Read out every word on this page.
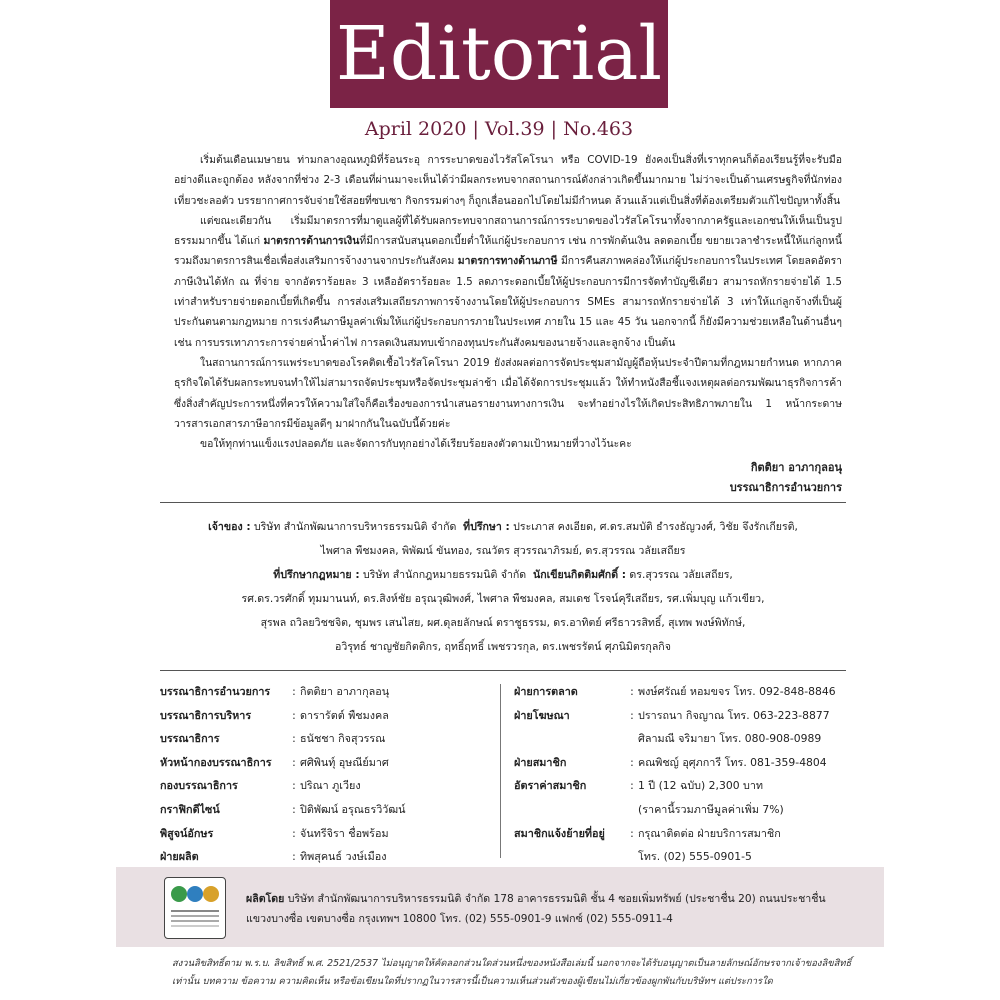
Editorial
April 2020 | Vol.39 | No.463

เริ่มต้นเดือนเมษายน ท่ามกลางอุณหภูมิที่ร้อนระอุ การระบาดของไวรัสโคโรนา หรือ COVID-19 ยังคงเป็นสิ่งที่เราทุกคนก็ต้องเรียนรู้ที่จะรับมืออย่างดีและถูกต้อง หลังจากที่ช่วง 2-3 เดือนที่ผ่านมาจะเห็นได้ว่ามีผลกระทบจากสถานการณ์ดังกล่าวเกิดขึ้นมากมาย ไม่ว่าจะเป็นด้านเศรษฐกิจที่นักท่องเที่ยวชะลอตัว บรรยากาศการจับจ่ายใช้สอยที่ซบเซา กิจกรรมต่างๆ ก็ถูกเลื่อนออกไปโดยไม่มีกำหนด ล้วนแล้วแต่เป็นสิ่งที่ต้องเตรียมตัวแก้ไขปัญหาทั้งสิ้น

แต่ขณะเดียวกัน เริ่มมีมาตรการที่มาดูแลผู้ที่ได้รับผลกระทบจากสถานการณ์การระบาดของไวรัสโคโรนาทั้งจากภาครัฐและเอกชนให้เห็นเป็นรูปธรรมมากขึ้น ได้แก่ มาตรการด้านการเงินที่มีการสนับสนุนดอกเบี้ยต่ำให้แก่ผู้ประกอบการ เช่น การพักต้นเงิน ลดดอกเบี้ย ขยายเวลาชำระหนี้ให้แก่ลูกหนี้ รวมถึงมาตรการสินเชื่อเพื่อส่งเสริมการจ้างงานจากประกันสังคม มาตรการทางด้านภาษี มีการคืนสภาพคล่องให้แก่ผู้ประกอบการในประเทศ โดยลดอัตราภาษีเงินได้หัก ณ ที่จ่าย จากอัตราร้อยละ 3 เหลืออัตราร้อยละ 1.5 ลดภาระดอกเบี้ยให้ผู้ประกอบการมีการจัดทำบัญชีเดียว สามารถหักรายจ่ายได้ 1.5 เท่าสำหรับรายจ่ายดอกเบี้ยที่เกิดขึ้น การส่งเสริมเสถียรภาพการจ้างงานโดยให้ผู้ประกอบการ SMEs สามารถหักรายจ่ายได้ 3 เท่าให้แก่ลูกจ้างที่เป็นผู้ประกันตนตามกฎหมาย การเร่งคืนภาษีมูลค่าเพิ่มให้แก่ผู้ประกอบการภายในประเทศ ภายใน 15 และ 45 วัน นอกจากนี้ ก็ยังมีความช่วยเหลือในด้านอื่นๆ เช่น การบรรเทาภาระการจ่ายค่าน้ำค่าไฟ การลดเงินสมทบเข้ากองทุนประกันสังคมของนายจ้างและลูกจ้าง เป็นต้น

ในสถานการณ์การแพร่ระบาดของโรคติดเชื้อไวรัสโคโรนา 2019 ยังส่งผลต่อการจัดประชุมสามัญผู้ถือหุ้นประจำปีตามที่กฎหมายกำหนด หากภาคธุรกิจใดได้รับผลกระทบจนทำให้ไม่สามารถจัดประชุมหรือจัดประชุมล่าช้า เมื่อได้จัดการประชุมแล้ว ให้ทำหนังสือชี้แจงเหตุผลต่อกรมพัฒนาธุรกิจการค้า ซึ่งสิ่งสำคัญประการหนึ่งที่ควรให้ความใส่ใจก็คือเรื่องของการนำเสนอรายงานทางการเงิน จะทำอย่างไรให้เกิดประสิทธิภาพภายใน 1 หน้ากระดาษ วารสารเอกสารภาษีอากรมีข้อมูลดีๆ มาฝากกันในฉบับนี้ด้วยค่ะ

ขอให้ทุกท่านแข็งแรงปลอดภัย และจัดการกับทุกอย่างได้เรียบร้อยลงตัวตามเป้าหมายที่วางไว้นะคะ

กิตติยา อาภากุลอนุ
บรรณาธิการอำนวยการ
เจ้าของ : บริษัท สำนักพัฒนาการบริหารธรรมนิติ จำกัด ที่ปรึกษา : ประเภาส คงเอียด, ศ.ดร.สมบัติ ธำรงธัญวงศ์, วิชัย จึงรักเกียรติ,
ไพศาล พืชมงคล, พิพัฒน์ ขันทอง, รณวัตร สุวรรณาภิรมย์, ดร.สุวรรณ วลัยเสถียร
ที่ปรึกษากฎหมาย : บริษัท สำนักกฎหมายธรรมนิติ จำกัด นักเขียนกิตติมศักดิ์ : ดร.สุวรรณ วลัยเสถียร,
รศ.ดร.วรศักดิ์ ทุมมานนท์, ดร.สิงห์ชัย อรุณวุฒิพงศ์, ไพศาล พืชมงคล, สมเดช โรจน์คุรีเสถียร, รศ.เพิ่มบุญ แก้วเขียว,
สุรพล ถวิลยวิชชจิต, ชุมพร เสนไสย, ผศ.ดุลยลักษณ์ ตราชูธรรม, ดร.อาทิตย์ ศรีธาวรสิทธิ์, สุเทพ พงษ์พิทักษ์,
อวิรุทธ์ ชาญชัยกิตติกร, ฤทธิ์ฤทธิ์ เพชรวรกุล, ดร.เพชรรัตน์ ศุภนิมิตรกุลกิจ
บรรณาธิการอำนวยการ	: กิตติยา อาภากุลอนุ
บรรณาธิการบริหาร	: ดารารัตต์ พืชมงคล
บรรณาธิการ	: ธนัชชา กิจสุวรรณ
หัวหน้ากองบรรณาธิการ	: ศศิพินทุ์ อุษณีย์มาศ
กองบรรณาธิการ	: ปริณา ภูเวียง
กราฟิกดีไซน์	: ปิติพัฒน์ อรุณธรวิวัฒน์
พิสูจน์อักษร	: จันทรีจิรา ชื่อพร้อม
ฝ่ายผลิต	: ทิพสุคนธ์ วงษ์เมือง
ฝ่ายการตลาด	: พงษ์ศรัณย์ หอมขจร โทร. 092-848-8846
ฝ่ายโฆษณา	: ปรารถนา กิจญาณ โทร. 063-223-8877
ศิลามณี จริมายา โทร. 080-908-0989
ฝ่ายสมาชิก	: คณพิชญ์ อุศุภการี โทร. 081-359-4804
อัตราค่าสมาชิก	: 1 ปี (12 ฉบับ) 2,300 บาท
(ราคานี้รวมภาษีมูลค่าเพิ่ม 7%)
สมาชิกแจ้งย้ายที่อยู่	: กรุณาติดต่อ ฝ่ายบริการสมาชิก
โทร. (02) 555-0901-5
ผลิตโดย บริษัท สำนักพัฒนาการบริหารธรรมนิติ จำกัด 178 อาคารธรรมนิติ ชั้น 4 ซอยเพิ่มทรัพย์ (ประชาชื่น 20) ถนนประชาชื่น
แขวงบางซื่อ เขตบางซื่อ กรุงเทพฯ 10800 โทร. (02) 555-0901-9 แฟกซ์ (02) 555-0911-4
สงวนลิขสิทธิ์ตาม พ.ร.บ. ลิขสิทธิ์ พ.ศ. 2521/2537 ไม่อนุญาตให้คัดลอกส่วนใดส่วนหนึ่งของหนังสือเล่มนี้ นอกจากจะได้รับอนุญาตเป็นลายลักษณ์อักษรจากเจ้าของลิขสิทธิ์เท่านั้น บทความ ข้อความ ความคิดเห็น หรือข้อเขียนใดที่ปรากฏในวารสารนี้เป็นความเห็นส่วนตัวของผู้เขียนไม่เกี่ยวข้องผูกพันกับบริษัทฯ แต่ประการใด
